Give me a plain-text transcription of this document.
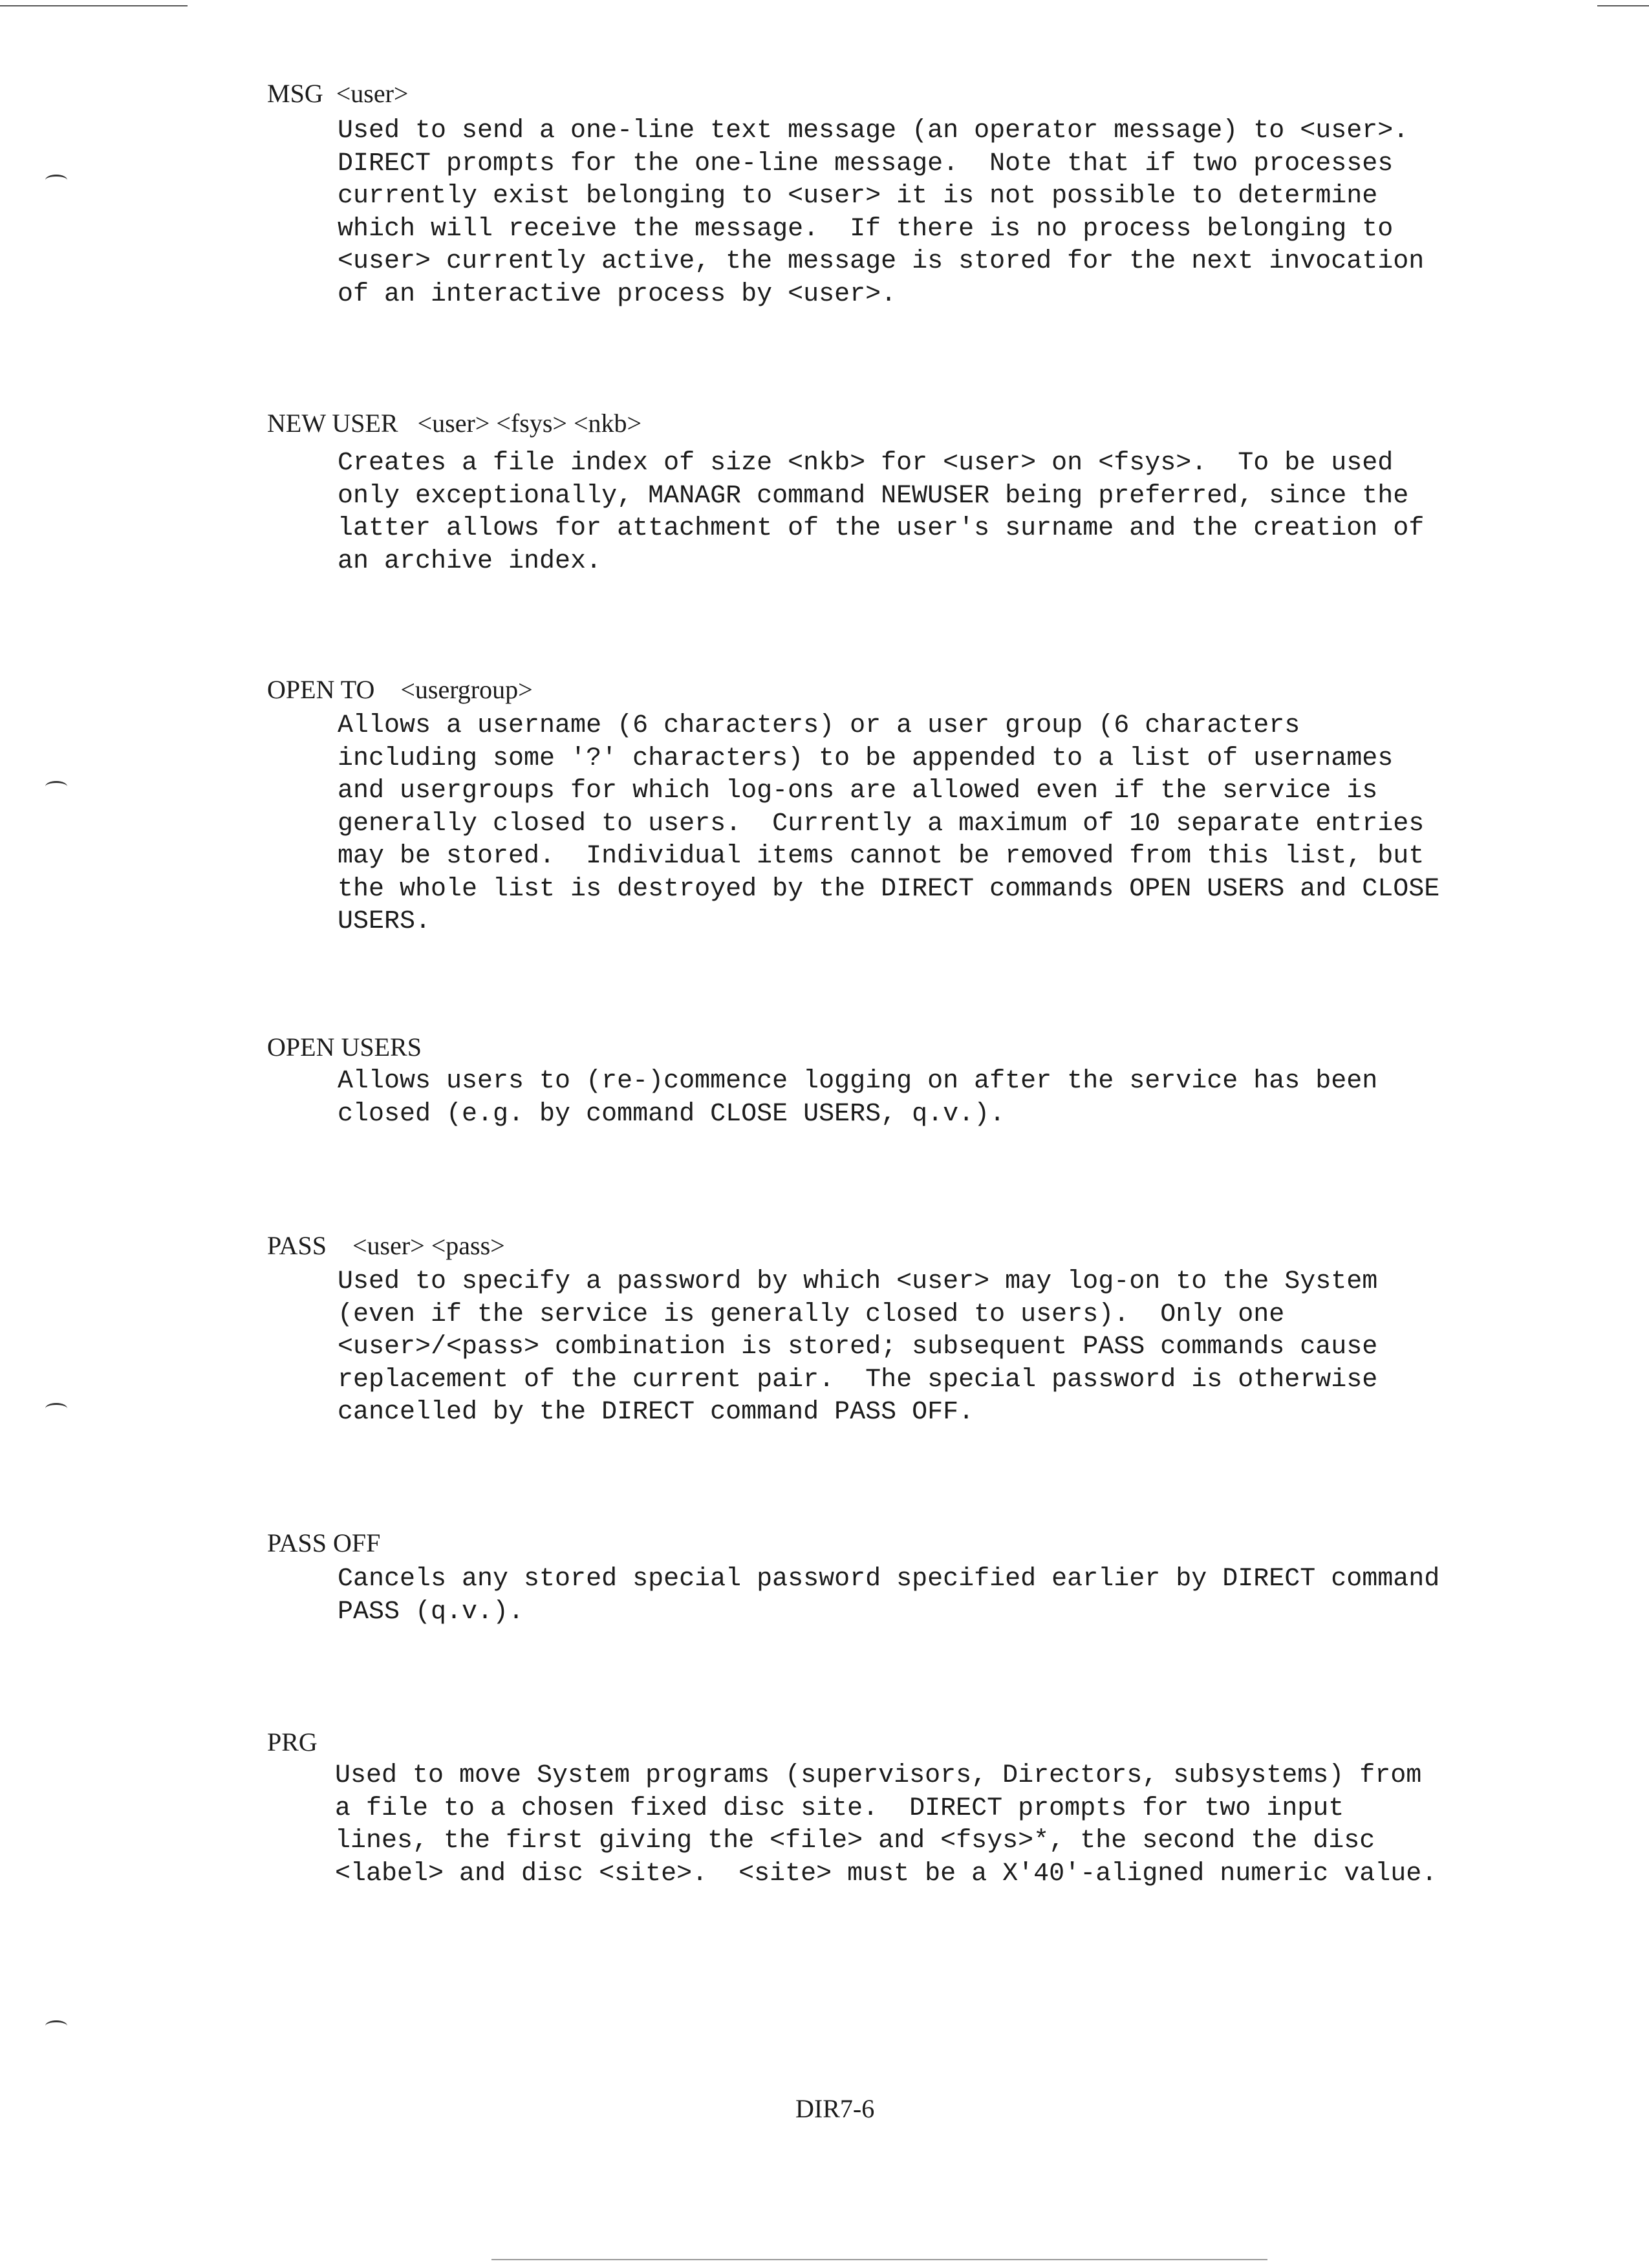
MSG <user>

Used to send a one-line text message (an operator message) to <user>.
DIRECT prompts for the one-line message.  Note that if two processes
currently exist belonging to <user> it is not possible to determine
which will receive the message.  If there is no process belonging to
<user> currently active, the message is stored for the next invocation
of an interactive process by <user>.

NEW USER <user> <fsys> <nkb>

Creates a file index of size <nkb> for <user> on <fsys>.  To be used
only exceptionally, MANAGR command NEWUSER being preferred, since the
latter allows for attachment of the user's surname and the creation of
an archive index.

OPEN TO <usergroup>

Allows a username (6 characters) or a user group (6 characters
including some '?' characters) to be appended to a list of usernames
and usergroups for which log-ons are allowed even if the service is
generally closed to users.  Currently a maximum of 10 separate entries
may be stored.  Individual items cannot be removed from this list, but
the whole list is destroyed by the DIRECT commands OPEN USERS and CLOSE
USERS.

OPEN USERS

Allows users to (re-)commence logging on after the service has been
closed (e.g. by command CLOSE USERS, q.v.).

PASS <user> <pass>

Used to specify a password by which <user> may log-on to the System
(even if the service is generally closed to users).  Only one
<user>/<pass> combination is stored; subsequent PASS commands cause
replacement of the current pair.  The special password is otherwise
cancelled by the DIRECT command PASS OFF.

PASS OFF

Cancels any stored special password specified earlier by DIRECT command
PASS (q.v.).

PRG

Used to move System programs (supervisors, Directors, subsystems) from
a file to a chosen fixed disc site.  DIRECT prompts for two input
lines, the first giving the <file> and <fsys>*, the second the disc
<label> and disc <site>.  <site> must be a X'40'-aligned numeric value.
DIR7-6
